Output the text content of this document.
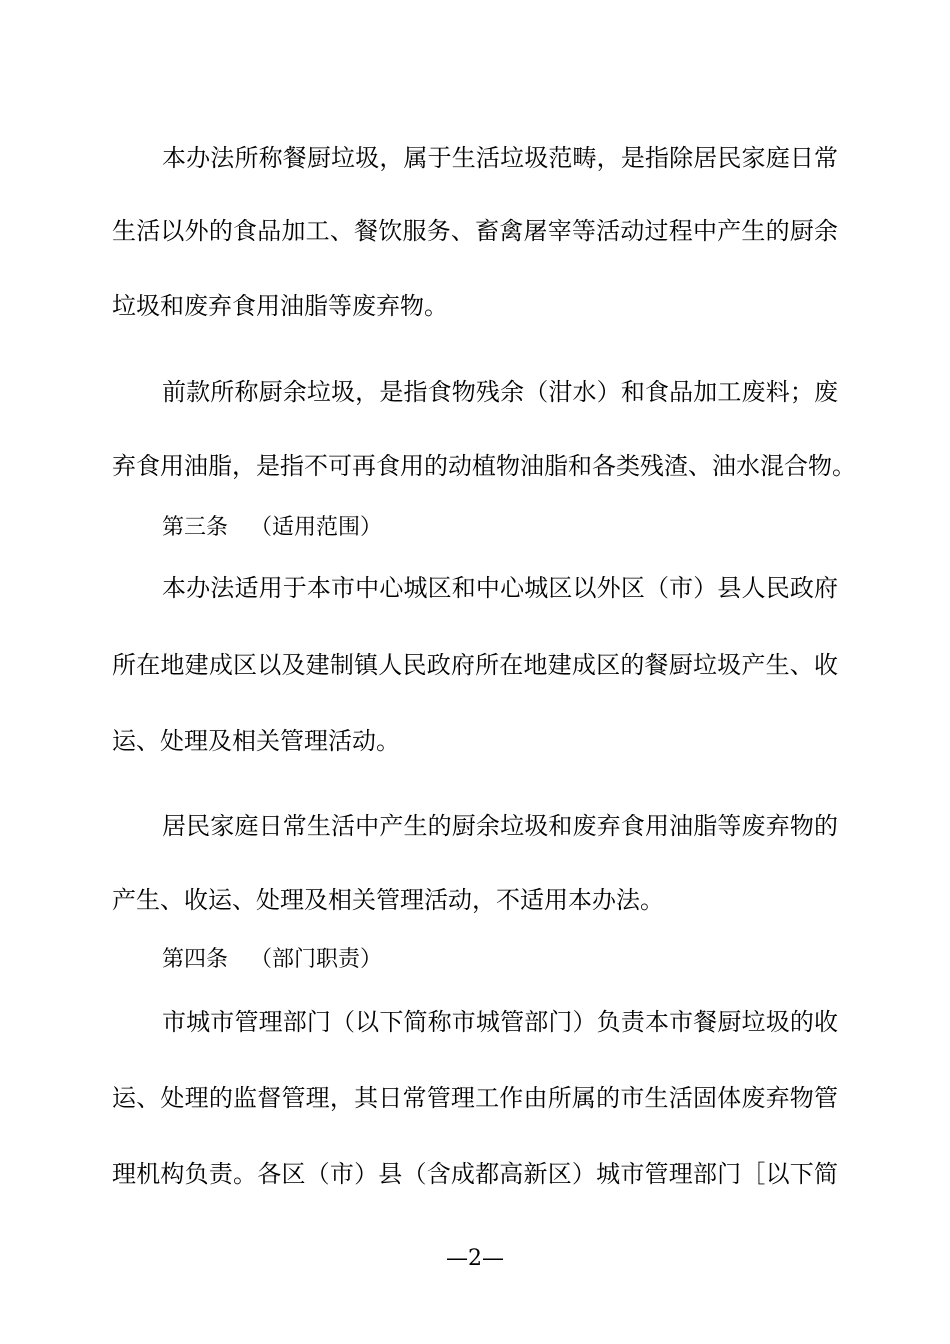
本办法所称餐厨垃圾，属于生活垃圾范畴，是指除居民家庭日常

生活以外的食品加工、餐饮服务、畜禽屠宰等活动过程中产生的厨余

垃圾和废弃食用油脂等废弃物。

前款所称厨余垃圾，是指食物残余（泔水）和食品加工废料；废

弃食用油脂，是指不可再食用的动植物油脂和各类残渣、油水混合物。

第三条 （适用范围）

本办法适用于本市中心城区和中心城区以外区（市）县人民政府

所在地建成区以及建制镇人民政府所在地建成区的餐厨垃圾产生、收

运、处理及相关管理活动。

居民家庭日常生活中产生的厨余垃圾和废弃食用油脂等废弃物的

产生、收运、处理及相关管理活动，不适用本办法。

第四条 （部门职责）

市城市管理部门（以下简称市城管部门）负责本市餐厨垃圾的收

运、处理的监督管理，其日常管理工作由所属的市生活固体废弃物管

理机构负责。各区（市）县（含成都高新区）城市管理部门［以下简

—2—
